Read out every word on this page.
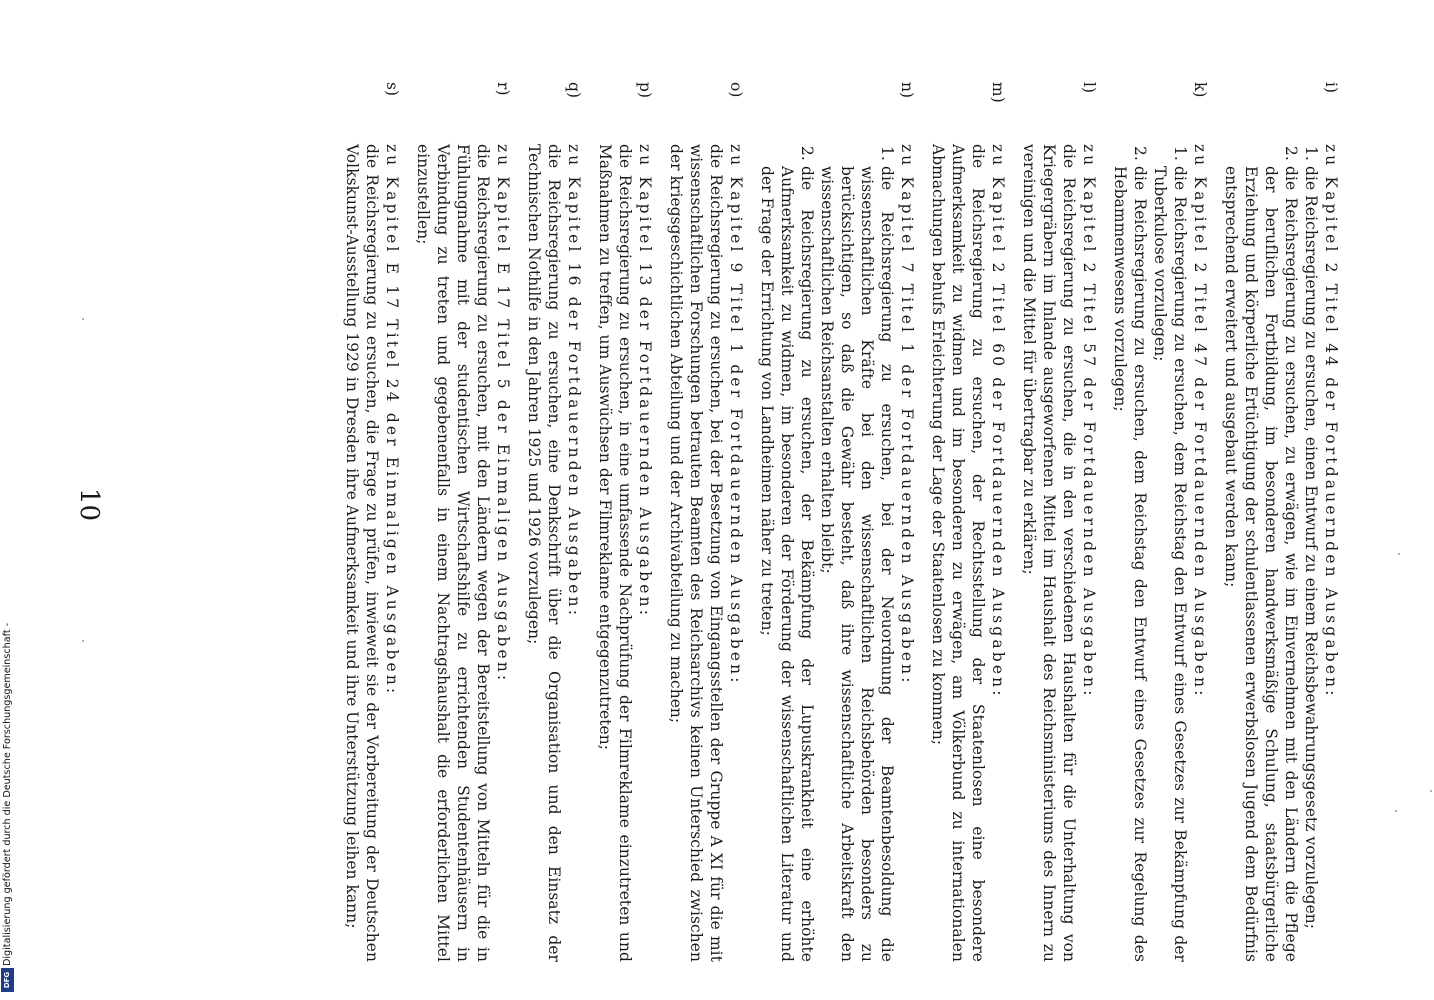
Digitalisierung gefördert durch die Deutsche Forschungsgemeinschaft -
DFG
10
i)
zu Kapitel 2 Titel 44 der Fortdauernden Ausgaben:
1.
die Reichsregierung zu ersuchen, einen Entwurf zu einem Reichsbewahrungsgesetz vorzulegen;
2.
die Reichsregierung zu ersuchen, zu erwägen, wie im Einvernehmen mit den Ländern die Pflege der beruflichen Fortbildung, im besonderen handwerksmäßige Schulung, staatsbürgerliche Erziehung und körperliche Ertüchtigung der schulentlassenen erwerbslosen Jugend dem Bedürfnis entsprechend erweitert und ausgebaut werden kann;
k)
zu Kapitel 2 Titel 47 der Fortdauernden Ausgaben:
1.
die Reichsregierung zu ersuchen, dem Reichstag den Entwurf eines Gesetzes zur Bekämpfung der Tuberkulose vorzulegen;
2.
die Reichsregierung zu ersuchen, dem Reichstag den Entwurf eines Gesetzes zur Regelung des Hebammenwesens vorzulegen;
l)
zu Kapitel 2 Titel 57 der Fortdauernden Ausgaben:
die Reichsregierung zu ersuchen, die in den verschiedenen Haushalten für die Unterhaltung von Kriegergräbern im Inlande ausgeworfenen Mittel im Haushalt des Reichsministeriums des Innern zu vereinigen und die Mittel für übertragbar zu erklären;
m)
zu Kapitel 2 Titel 60 der Fortdauernden Ausgaben:
die Reichsregierung zu ersuchen, der Rechtsstellung der Staatenlosen eine besondere Aufmerksamkeit zu widmen und im besonderen zu erwägen, am Völkerbund zu internationalen Abmachungen behufs Erleichterung der Lage der Staatenlosen zu kommen;
n)
zu Kapitel 7 Titel 1 der Fortdauernden Ausgaben:
1.
die Reichsregierung zu ersuchen, bei der Neuordnung der Beamtenbesoldung die wissenschaftlichen Kräfte bei den wissenschaftlichen Reichsbehörden besonders zu berücksichtigen, so daß die Gewähr besteht, daß ihre wissenschaftliche Arbeitskraft den wissenschaftlichen Reichsanstalten erhalten bleibt;
2.
die Reichsregierung zu ersuchen, der Bekämpfung der Lupuskrankheit eine erhöhte Aufmerksamkeit zu widmen, im besonderen der Förderung der wissenschaftlichen Literatur und der Frage der Errichtung von Landheimen näher zu treten;
o)
zu Kapitel 9 Titel 1 der Fortdauernden Ausgaben:
die Reichsregierung zu ersuchen, bei der Besetzung von Eingangsstellen der Gruppe A XI für die mit wissenschaftlichen Forschungen betrauten Beamten des Reichsarchivs keinen Unterschied zwischen der kriegsgeschichtlichen Abteilung und der Archivabteilung zu machen;
p)
zu Kapitel 13 der Fortdauernden Ausgaben:
die Reichsregierung zu ersuchen, in eine umfassende Nachprüfung der Filmreklame einzutreten und Maßnahmen zu treffen, um Auswüchsen der Filmreklame entgegenzutreten;
q)
zu Kapitel 16 der Fortdauernden Ausgaben:
die Reichsregierung zu ersuchen, eine Denkschrift über die Organisation und den Einsatz der Technischen Nothilfe in den Jahren 1925 und 1926 vorzulegen;
r)
zu Kapitel E 17 Titel 5 der Einmaligen Ausgaben:
die Reichsregierung zu ersuchen, mit den Ländern wegen der Bereitstellung von Mitteln für die in Fühlungnahme mit der studentischen Wirtschaftshilfe zu errichtenden Studentenhäusern in Verbindung zu treten und gegebenenfalls in einem Nachtragshaushalt die erforderlichen Mittel einzustellen;
s)
zu Kapitel E 17 Titel 24 der Einmaligen Ausgaben:
die Reichsregierung zu ersuchen, die Frage zu prüfen, inwieweit sie der Vorbereitung der Deutschen Volkskunst-Ausstellung 1929 in Dresden ihre Aufmerksamkeit und ihre Unterstützung leihen kann;
